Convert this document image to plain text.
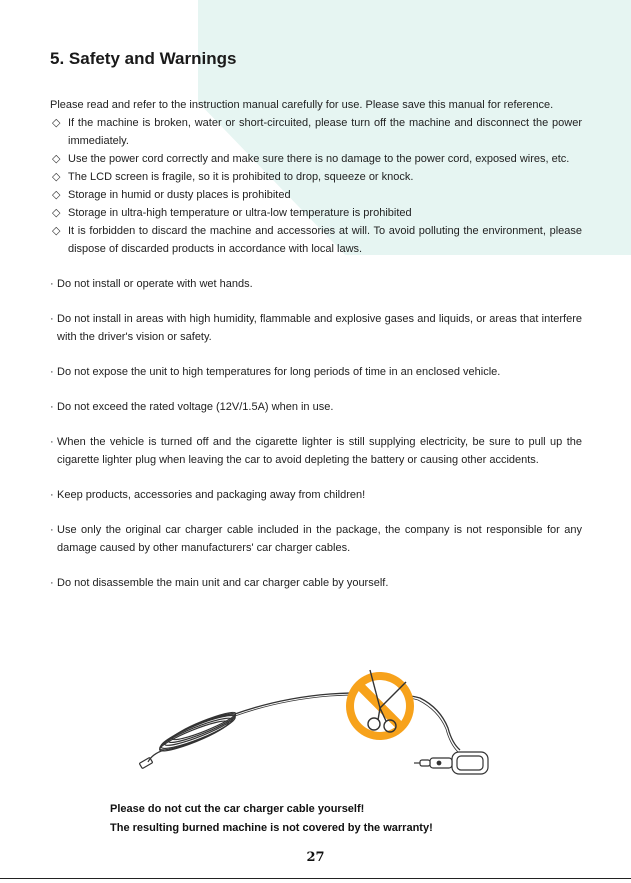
5. Safety and Warnings

Please read and refer to the instruction manual carefully for use. Please save this manual for reference.

◇ If the machine is broken, water or short-circuited, please turn off the machine and disconnect the power immediately.
◇ Use the power cord correctly and make sure there is no damage to the power cord, exposed wires, etc.
◇ The LCD screen is fragile, so it is prohibited to drop, squeeze or knock.
◇ Storage in humid or dusty places is prohibited
◇ Storage in ultra-high temperature or ultra-low temperature is prohibited
◇ It is forbidden to discard the machine and accessories at will. To avoid polluting the environment, please dispose of discarded products in accordance with local laws.
· Do not install or operate with wet hands.
· Do not install in areas with high humidity, flammable and explosive gases and liquids, or areas that interfere with the driver's vision or safety.
· Do not expose the unit to high temperatures for long periods of time in an enclosed vehicle.
· Do not exceed the rated voltage (12V/1.5A) when in use.
· When the vehicle is turned off and the cigarette lighter is still supplying electricity, be sure to pull up the cigarette lighter plug when leaving the car to avoid depleting the battery or causing other accidents.
· Keep products, accessories and packaging away from children!
· Use only the original car charger cable included in the package, the company is not responsible for any damage caused by other manufacturers' car charger cables.
· Do not disassemble the main unit and car charger cable by yourself.
Please do not cut the car charger cable yourself!
The resulting burned machine is not covered by the warranty!
27
